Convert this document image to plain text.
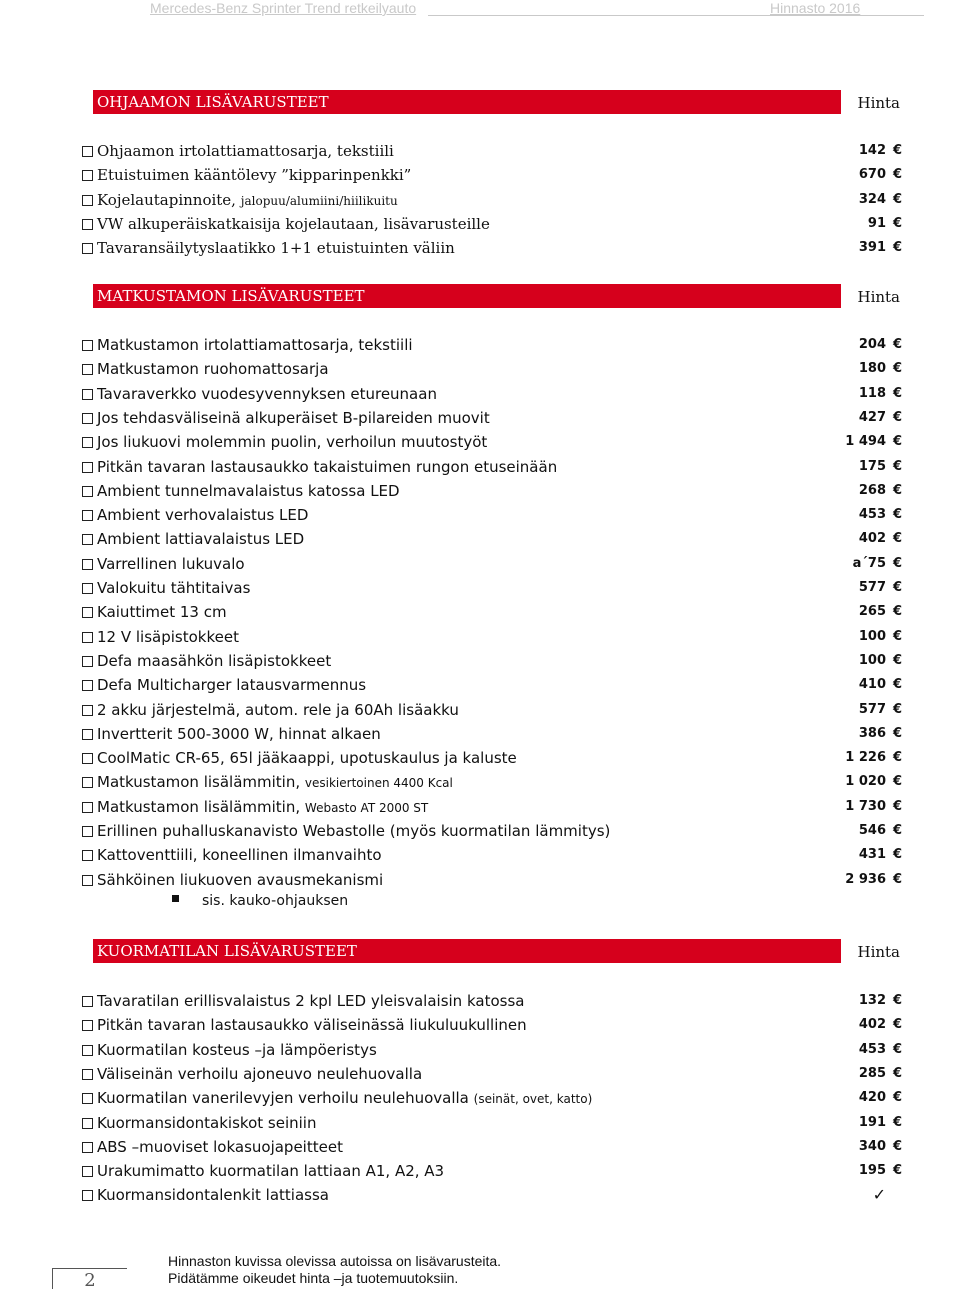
Mercedes-Benz Sprinter Trend retkeilyauto	Hinnasto 2016
OHJAAMON LISÄVARUSTEET	Hinta
Ohjaamon irtolattiamattosarja, tekstiili	142 €
Etuistuimen kääntölevy ”kipparinpenkki”	670 €
Kojelautapinnoite, jalopuu/alumiini/hiilikuitu	324 €
VW alkuperäiskatkaisija kojelautaan, lisävarusteille	91 €
Tavaransäilytyslaatikko 1+1 etuistuinten väliin	391 €
MATKUSTAMON LISÄVARUSTEET	Hinta
Matkustamon irtolattiamattosarja, tekstiili	204 €
Matkustamon ruohomattosarja	180 €
Tavaraverkko vuodesyvennyksen etureunaan	118 €
Jos tehdasväliseinä alkuperäiset B-pilareiden muovit	427 €
Jos liukuovi molemmin puolin, verhoilun muutostyöt	1 494 €
Pitkän tavaran lastausaukko takaistuimen rungon etuseinään	175 €
Ambient tunnelmavalaistus katossa LED	268 €
Ambient verhovalaistus LED	453 €
Ambient lattiavalaistus LED	402 €
Varrellinen lukuvalo	a´75 €
Valokuitu tähtitaivas	577 €
Kaiuttimet 13 cm	265 €
12 V lisäpistokkeet	100 €
Defa maasähkön lisäpistokkeet	100 €
Defa Multicharger latausvarmennus	410 €
2 akku järjestelmä, autom. rele ja 60Ah lisäakku	577 €
Invertterit 500-3000 W, hinnat alkaen	386 €
CoolMatic CR-65, 65l jääkaappi, upotuskaulus ja kaluste	1 226 €
Matkustamon lisälämmitin, vesikiertoinen 4400 Kcal	1 020 €
Matkustamon lisälämmitin, Webasto AT 2000 ST	1 730 €
Erillinen puhalluskanavisto Webastolle (myös kuormatilan lämmitys)	546 €
Kattoventtiili, koneellinen ilmanvaihto	431 €
Sähköinen liukuoven avausmekanismi	2 936 €
sis. kauko-ohjauksen
KUORMATILAN LISÄVARUSTEET	Hinta
Tavaratilan erillisvalaistus 2 kpl LED yleisvalaisin katossa	132 €
Pitkän tavaran lastausaukko väliseinässä liukuluukullinen	402 €
Kuormatilan kosteus –ja lämpöeristys	453 €
Väliseinän verhoilu ajoneuvo neulehuovalla	285 €
Kuormatilan vanerilevyjen verhoilu neulehuovalla (seinät, ovet, katto)	420 €
Kuormansidontakiskot seiniin	191 €
ABS –muoviset lokasuojapeitteet	340 €
Urakumimatto kuormatilan lattiaan A1, A2, A3	195 €
Kuormansidontalenkit lattiassa	✓
2
Hinnaston kuvissa olevissa autoissa on lisävarusteita.
Pidätämme oikeudet hinta –ja tuotemuutoksiin.
